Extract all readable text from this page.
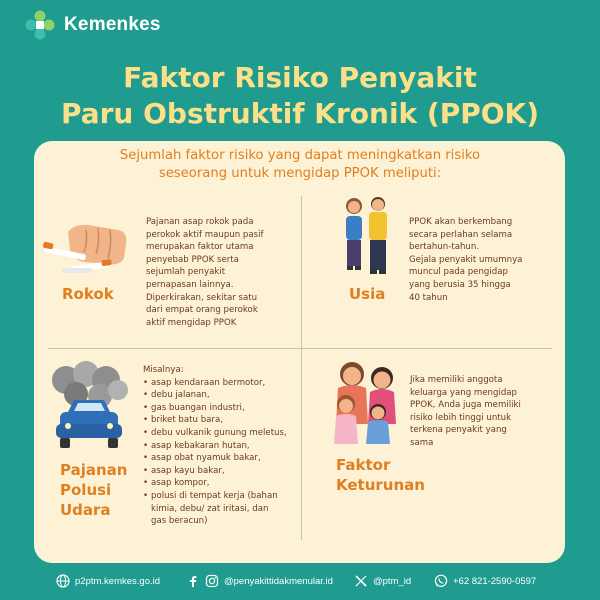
Kemenkes
Faktor Risiko Penyakit
Paru Obstruktif Kronik (PPOK)
Sejumlah faktor risiko yang dapat meningkatkan risiko
seseorang untuk mengidap PPOK meliputi:
Rokok

Pajanan asap rokok pada

perokok aktif maupun pasif

merupakan faktor utama

penyebab PPOK serta

sejumlah penyakit

pernapasan lainnya.

Diperkirakan, sekitar satu

dari empat orang perokok

aktif mengidap PPOK

Usia

PPOK akan berkembang

secara perlahan selama

bertahun-tahun.

Gejala penyakit umumnya

muncul pada pengidap

yang berusia 35 hingga

40 tahun

Pajanan
Polusi
Udara

Misalnya:

• asap kendaraan bermotor,
• debu jalanan,
• gas buangan industri,
• briket batu bara,
• debu vulkanik gunung meletus,
• asap kebakaran hutan,
• asap obat nyamuk bakar,
• asap kayu bakar,
• asap kompor,
• polusi di tempat kerja (bahan

kimia, debu/ zat iritasi, dan

gas beracun)

Faktor
Keturunan

Jika memiliki anggota

keluarga yang mengidap

PPOK, Anda juga memiliki

risiko lebih tinggi untuk

terkena penyakit yang

sama

p2ptm.kemkes.go.id	@penyakittidakmenular.id	@ptm_id	+62 821-2590-0597
